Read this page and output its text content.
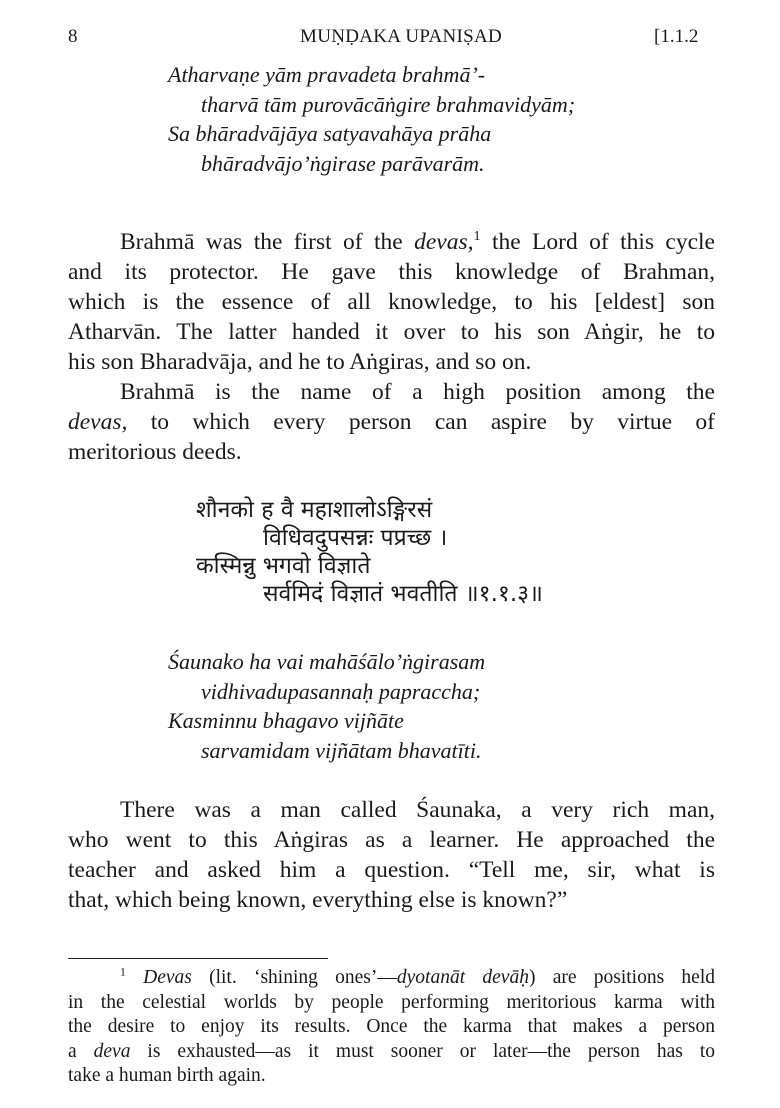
8	MUṆḌAKA UPANIṢAD	[1.1.2
Atharvaṇe yām pravadeta brahmā’-
tharvā tām purovācāṅgire brahmavidyām;
Sa bhāradvājāya satyavahāya prāha
bhāradvājo’ṅgirase parāvarām.
Brahmā was the first of the devas,$^1$ the Lord of this cycle
and its protector. He gave this knowledge of Brahman,
which is the essence of all knowledge, to his [eldest] son
Atharvān. The latter handed it over to his son Aṅgir, he to
his son Bharadvāja, and he to Aṅgiras, and so on.
Brahmā is the name of a high position among the
devas, to which every person can aspire by virtue of
meritorious deeds.
शौनको ह वै महाशालोऽङ्गिरसं
विधिवदुपसन्नः पप्रच्छ ।
कस्मिन्नु भगवो विज्ञाते
सर्वमिदं विज्ञातं भवतीति ॥१.१.३॥
Śaunako ha vai mahāśālo’ṅgirasam
vidhivadupasannaḥ papraccha;
Kasminnu bhagavo vijñāte
sarvamidam vijñātam bhavatīti.
There was a man called Śaunaka, a very rich man,
who went to this Aṅgiras as a learner. He approached the
teacher and asked him a question. “Tell me, sir, what is
that, which being known, everything else is known?”
$^1$ Devas (lit. ‘shining ones’—dyotanāt devāḥ) are positions held
in the celestial worlds by people performing meritorious karma with
the desire to enjoy its results. Once the karma that makes a person
a deva is exhausted—as it must sooner or later—the person has to
take a human birth again.
